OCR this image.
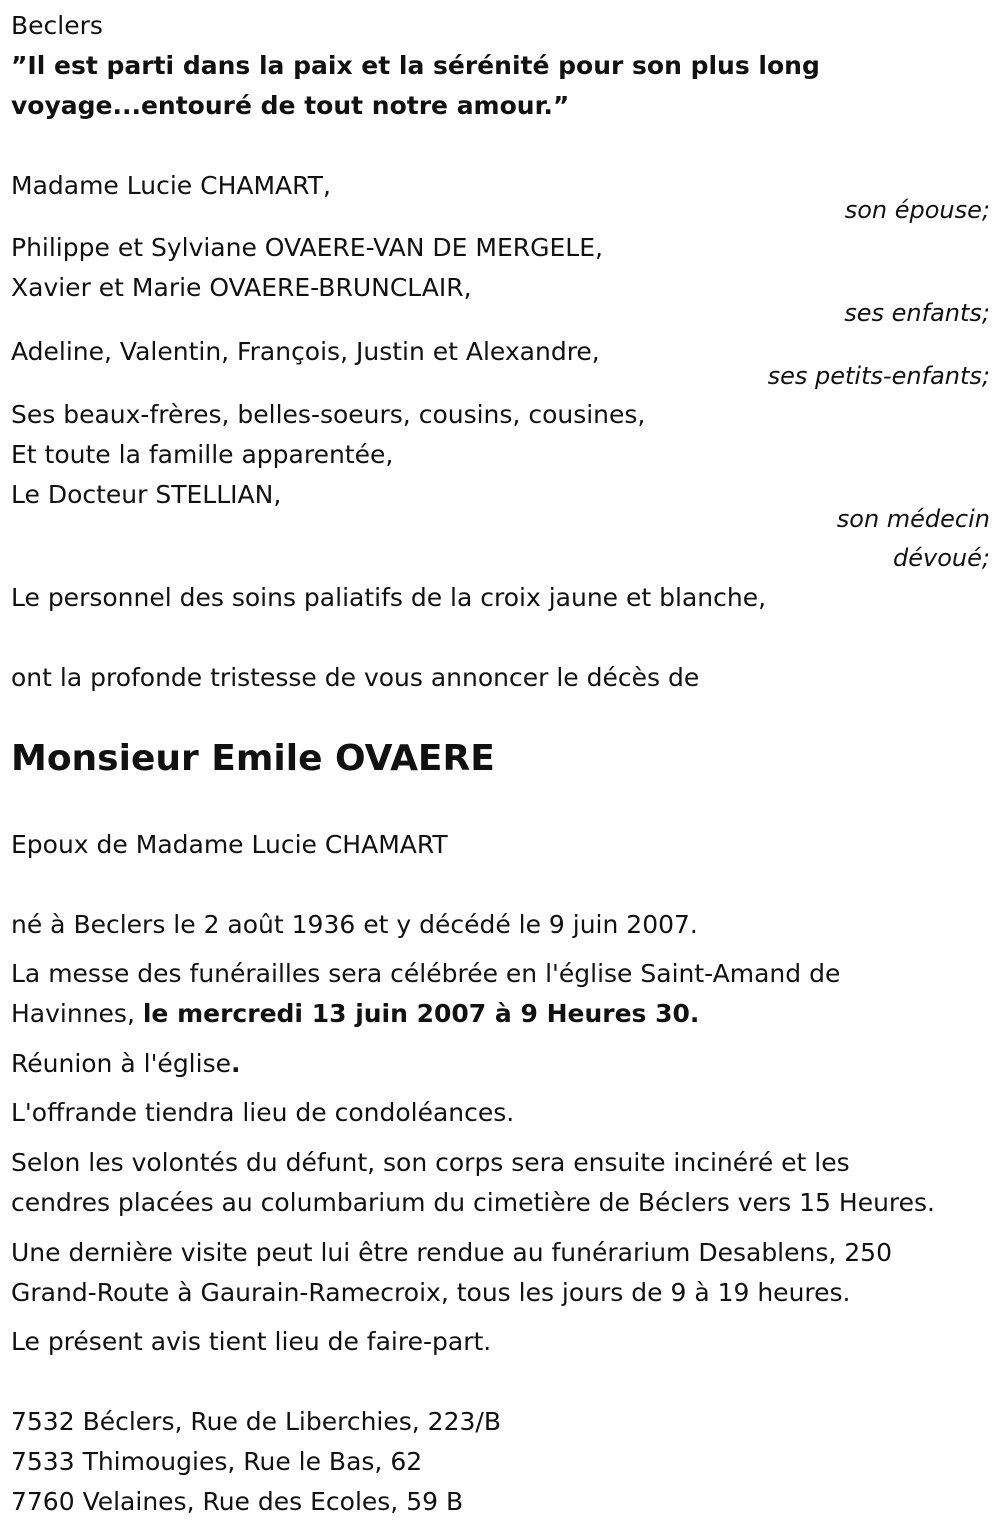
Beclers
”Il est parti dans la paix et la sérénité pour son plus long
voyage...entouré de tout notre amour.”
Madame Lucie CHAMART,
son épouse;
Philippe et Sylviane OVAERE-VAN DE MERGELE,
Xavier et Marie OVAERE-BRUNCLAIR,
ses enfants;
Adeline, Valentin, François, Justin et Alexandre,
ses petits-enfants;
Ses beaux-frères, belles-soeurs, cousins, cousines,
Et toute la famille apparentée,
Le Docteur STELLIAN,
son médecin
dévoué;
Le personnel des soins paliatifs de la croix jaune et blanche,
ont la profonde tristesse de vous annoncer le décès de
Monsieur Emile OVAERE
Epoux de Madame Lucie CHAMART
né à Beclers le 2 août 1936 et y décédé le 9 juin 2007.
La messe des funérailles sera célébrée en l'église Saint-Amand de
Havinnes, le mercredi 13 juin 2007 à 9 Heures 30.
Réunion à l'église.
L'offrande tiendra lieu de condoléances.
Selon les volontés du défunt, son corps sera ensuite incinéré et les
cendres placées au columbarium du cimetière de Béclers vers 15 Heures.
Une dernière visite peut lui être rendue au funérarium Desablens, 250
Grand-Route à Gaurain-Ramecroix, tous les jours de 9 à 19 heures.
Le présent avis tient lieu de faire-part.
7532 Béclers, Rue de Liberchies, 223/B
7533 Thimougies, Rue le Bas, 62
7760 Velaines, Rue des Ecoles, 59 B
